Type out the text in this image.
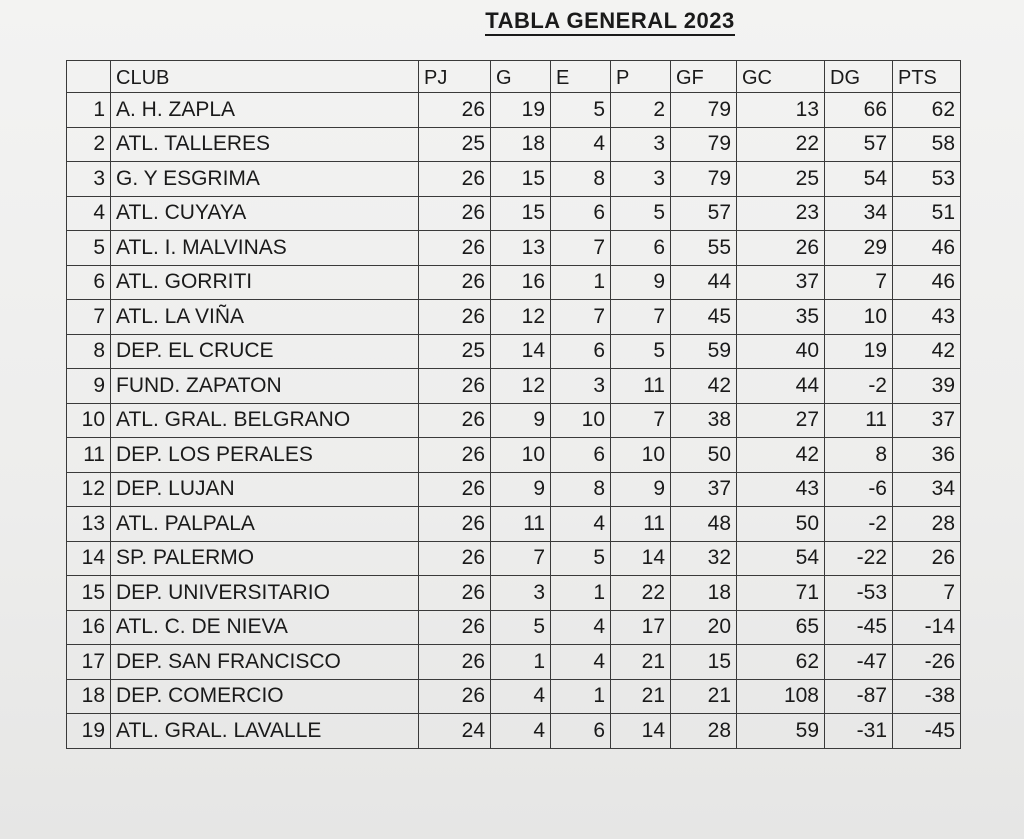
TABLA GENERAL 2023
	CLUB	PJ	G	E	P	GF	GC	DG	PTS
1	A. H. ZAPLA	26	19	5	2	79	13	66	62
2	ATL. TALLERES	25	18	4	3	79	22	57	58
3	G. Y ESGRIMA	26	15	8	3	79	25	54	53
4	ATL. CUYAYA	26	15	6	5	57	23	34	51
5	ATL. I. MALVINAS	26	13	7	6	55	26	29	46
6	ATL. GORRITI	26	16	1	9	44	37	7	46
7	ATL. LA VIÑA	26	12	7	7	45	35	10	43
8	DEP. EL CRUCE	25	14	6	5	59	40	19	42
9	FUND. ZAPATON	26	12	3	11	42	44	-2	39
10	ATL. GRAL. BELGRANO	26	9	10	7	38	27	11	37
11	DEP. LOS PERALES	26	10	6	10	50	42	8	36
12	DEP. LUJAN	26	9	8	9	37	43	-6	34
13	ATL. PALPALA	26	11	4	11	48	50	-2	28
14	SP. PALERMO	26	7	5	14	32	54	-22	26
15	DEP. UNIVERSITARIO	26	3	1	22	18	71	-53	7
16	ATL. C. DE NIEVA	26	5	4	17	20	65	-45	-14
17	DEP. SAN FRANCISCO	26	1	4	21	15	62	-47	-26
18	DEP. COMERCIO	26	4	1	21	21	108	-87	-38
19	ATL. GRAL. LAVALLE	24	4	6	14	28	59	-31	-45
